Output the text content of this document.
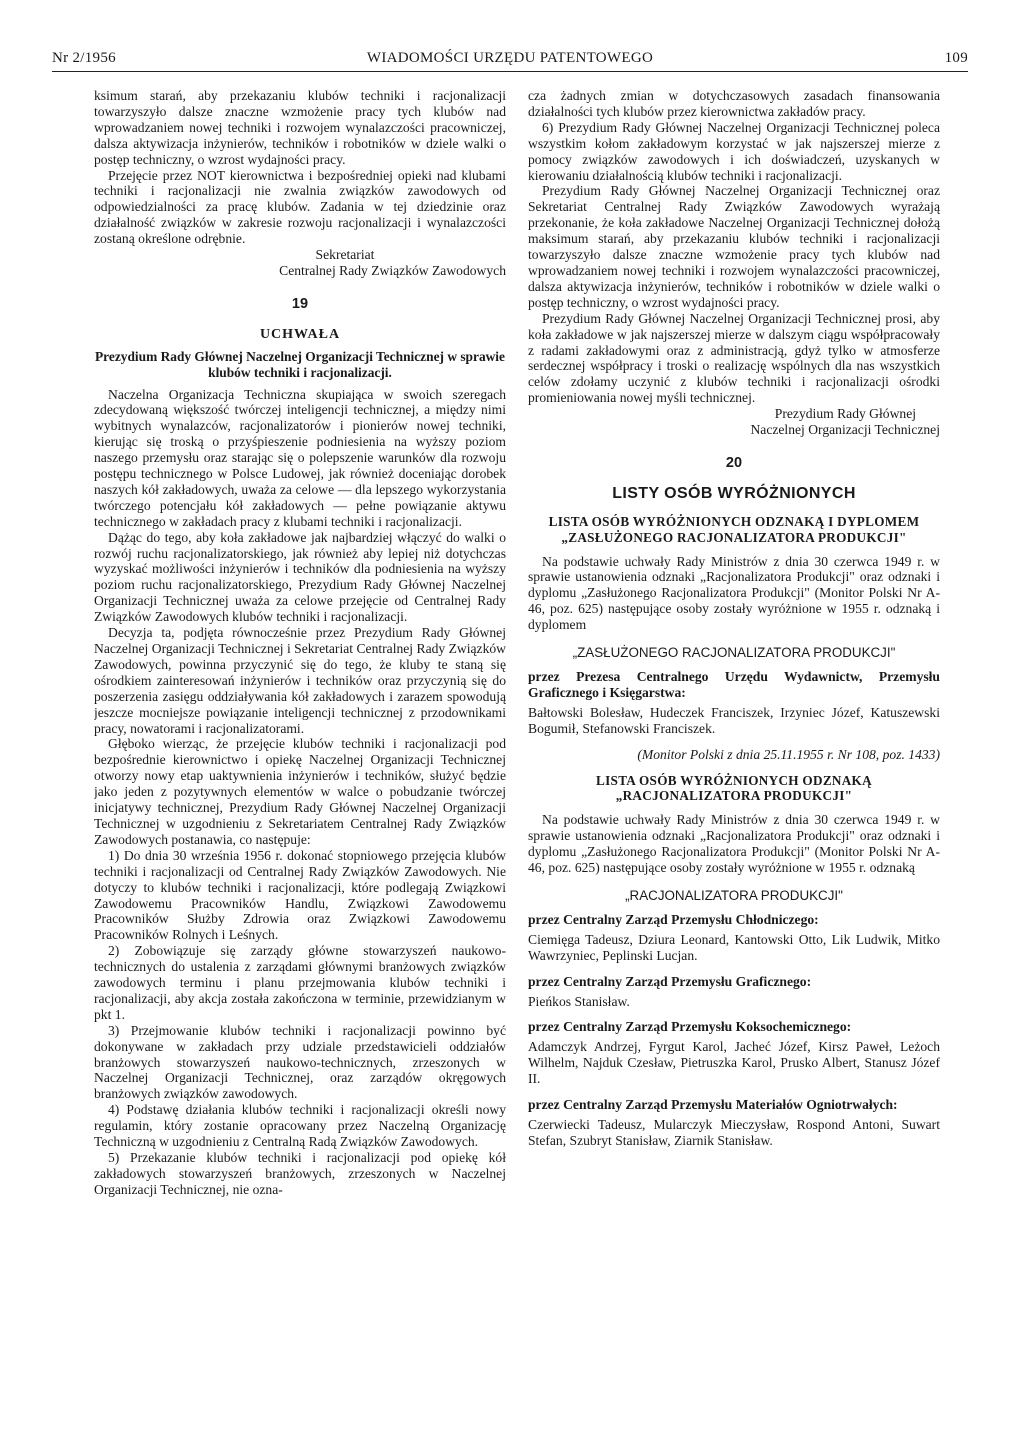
Nr 2/1956	WIADOMOŚCI URZĘDU PATENTOWEGO	109

ksimum starań, aby przekazaniu klubów techniki i racjonalizacji towarzyszyło dalsze znaczne wzmożenie pracy tych klubów nad wprowadzaniem nowej techniki i rozwojem wynalazczości pracowniczej, dalsza aktywizacja inżynierów, techników i robotników w dziele walki o postęp techniczny, o wzrost wydajności pracy.

Przejęcie przez NOT kierownictwa i bezpośredniej opieki nad klubami techniki i racjonalizacji nie zwalnia związków zawodowych od odpowiedzialności za pracę klubów. Zadania w tej dziedzinie oraz działalność związków w zakresie rozwoju racjonalizacji i wynalazczości zostaną określone odrębnie.

Sekretariat

Centralnej Rady Związków Zawodowych

19

UCHWAŁA

Prezydium Rady Głównej Naczelnej Organizacji Technicznej w sprawie klubów techniki i racjonalizacji.

Naczelna Organizacja Techniczna skupiająca w swoich szeregach zdecydowaną większość twórczej inteligencji technicznej, a między nimi wybitnych wynalazców, racjonalizatorów i pionierów nowej techniki, kierując się troską o przyśpieszenie podniesienia na wyższy poziom naszego przemysłu oraz starając się o polepszenie warunków dla rozwoju postępu technicznego w Polsce Ludowej, jak również doceniając dorobek naszych kół zakładowych, uważa za celowe — dla lepszego wykorzystania twórczego potencjału kół zakładowych — pełne powiązanie aktywu technicznego w zakładach pracy z klubami techniki i racjonalizacji.

Dążąc do tego, aby koła zakładowe jak najbardziej włączyć do walki o rozwój ruchu racjonalizatorskiego, jak również aby lepiej niż dotychczas wyzyskać możliwości inżynierów i techników dla podniesienia na wyższy poziom ruchu racjonalizatorskiego, Prezydium Rady Głównej Naczelnej Organizacji Technicznej uważa za celowe przejęcie od Centralnej Rady Związków Zawodowych klubów techniki i racjonalizacji.

Decyzja ta, podjęta równocześnie przez Prezydium Rady Głównej Naczelnej Organizacji Technicznej i Sekretariat Centralnej Rady Związków Zawodowych, powinna przyczynić się do tego, że kluby te staną się ośrodkiem zainteresowań inżynierów i techników oraz przyczynią się do poszerzenia zasięgu oddziaływania kół zakładowych i zarazem spowodują jeszcze mocniejsze powiązanie inteligencji technicznej z przodownikami pracy, nowatorami i racjonalizatorami.

Głęboko wierząc, że przejęcie klubów techniki i racjonalizacji pod bezpośrednie kierownictwo i opiekę Naczelnej Organizacji Technicznej otworzy nowy etap uaktywnienia inżynierów i techników, służyć będzie jako jeden z pozytywnych elementów w walce o pobudzanie twórczej inicjatywy technicznej, Prezydium Rady Głównej Naczelnej Organizacji Technicznej w uzgodnieniu z Sekretariatem Centralnej Rady Związków Zawodowych postanawia, co następuje:

1) Do dnia 30 września 1956 r. dokonać stopniowego przejęcia klubów techniki i racjonalizacji od Centralnej Rady Związków Zawodowych. Nie dotyczy to klubów techniki i racjonalizacji, które podlegają Związkowi Zawodowemu Pracowników Handlu, Związkowi Zawodowemu Pracowników Służby Zdrowia oraz Związkowi Zawodowemu Pracowników Rolnych i Leśnych.

2) Zobowiązuje się zarządy główne stowarzyszeń naukowo-technicznych do ustalenia z zarządami głównymi branżowych związków zawodowych terminu i planu przejmowania klubów techniki i racjonalizacji, aby akcja została zakończona w terminie, przewidzianym w pkt 1.

3) Przejmowanie klubów techniki i racjonalizacji powinno być dokonywane w zakładach przy udziale przedstawicieli oddziałów branżowych stowarzyszeń naukowo-technicznych, zrzeszonych w Naczelnej Organizacji Technicznej, oraz zarządów okręgowych branżowych związków zawodowych.

4) Podstawę działania klubów techniki i racjonalizacji określi nowy regulamin, który zostanie opracowany przez Naczelną Organizację Techniczną w uzgodnieniu z Centralną Radą Związków Zawodowych.

5) Przekazanie klubów techniki i racjonalizacji pod opiekę kół zakładowych stowarzyszeń branżowych, zrzeszonych w Naczelnej Organizacji Technicznej, nie ozna-

cza żadnych zmian w dotychczasowych zasadach finansowania działalności tych klubów przez kierownictwa zakładów pracy.

6) Prezydium Rady Głównej Naczelnej Organizacji Technicznej poleca wszystkim kołom zakładowym korzystać w jak najszerszej mierze z pomocy związków zawodowych i ich doświadczeń, uzyskanych w kierowaniu działalnością klubów techniki i racjonalizacji.

Prezydium Rady Głównej Naczelnej Organizacji Technicznej oraz Sekretariat Centralnej Rady Związków Zawodowych wyrażają przekonanie, że koła zakładowe Naczelnej Organizacji Technicznej dołożą maksimum starań, aby przekazaniu klubów techniki i racjonalizacji towarzyszyło dalsze znaczne wzmożenie pracy tych klubów nad wprowadzaniem nowej techniki i rozwojem wynalazczości pracowniczej, dalsza aktywizacja inżynierów, techników i robotników w dziele walki o postęp techniczny, o wzrost wydajności pracy.

Prezydium Rady Głównej Naczelnej Organizacji Technicznej prosi, aby koła zakładowe w jak najszerszej mierze w dalszym ciągu współpracowały z radami zakładowymi oraz z administracją, gdyż tylko w atmosferze serdecznej współpracy i troski o realizację wspólnych dla nas wszystkich celów zdołamy uczynić z klubów techniki i racjonalizacji ośrodki promieniowania nowej myśli technicznej.

Prezydium Rady Głównej

Naczelnej Organizacji Technicznej

20

LISTY OSÓB WYRÓŻNIONYCH

LISTA OSÓB WYRÓŻNIONYCH ODZNAKĄ I DYPLOMEM „ZASŁUŻONEGO RACJONALIZATORA PRODUKCJI"

Na podstawie uchwały Rady Ministrów z dnia 30 czerwca 1949 r. w sprawie ustanowienia odznaki „Racjonalizatora Produkcji" oraz odznaki i dyplomu „Zasłużonego Racjonalizatora Produkcji" (Monitor Polski Nr A-46, poz. 625) następujące osoby zostały wyróżnione w 1955 r. odznaką i dyplomem

„ZASŁUŻONEGO RACJONALIZATORA PRODUKCJI"

przez Prezesa Centralnego Urzędu Wydawnictw, Przemysłu Graficznego i Księgarstwa:

Bałtowski Bolesław, Hudeczek Franciszek, Irzyniec Józef, Katuszewski Bogumił, Stefanowski Franciszek.

(Monitor Polski z dnia 25.11.1955 r. Nr 108, poz. 1433)

LISTA OSÓB WYRÓŻNIONYCH ODZNAKĄ „RACJONALIZATORA PRODUKCJI"

Na podstawie uchwały Rady Ministrów z dnia 30 czerwca 1949 r. w sprawie ustanowienia odznaki „Racjonalizatora Produkcji" oraz odznaki i dyplomu „Zasłużonego Racjonalizatora Produkcji" (Monitor Polski Nr A-46, poz. 625) następujące osoby zostały wyróżnione w 1955 r. odznaką

„RACJONALIZATORA PRODUKCJI"

przez Centralny Zarząd Przemysłu Chłodniczego:

Ciemięga Tadeusz, Dziura Leonard, Kantowski Otto, Lik Ludwik, Mitko Wawrzyniec, Peplinski Lucjan.

przez Centralny Zarząd Przemysłu Graficznego:

Pieńkos Stanisław.

przez Centralny Zarząd Przemysłu Koksochemicznego:

Adamczyk Andrzej, Fyrgut Karol, Jacheć Józef, Kirsz Paweł, Leżoch Wilhelm, Najduk Czesław, Pietruszka Karol, Prusko Albert, Stanusz Józef II.

przez Centralny Zarząd Przemysłu Materiałów Ogniotrwałych:

Czerwiecki Tadeusz, Mularczyk Mieczysław, Rospond Antoni, Suwart Stefan, Szubryt Stanisław, Ziarnik Stanisław.
